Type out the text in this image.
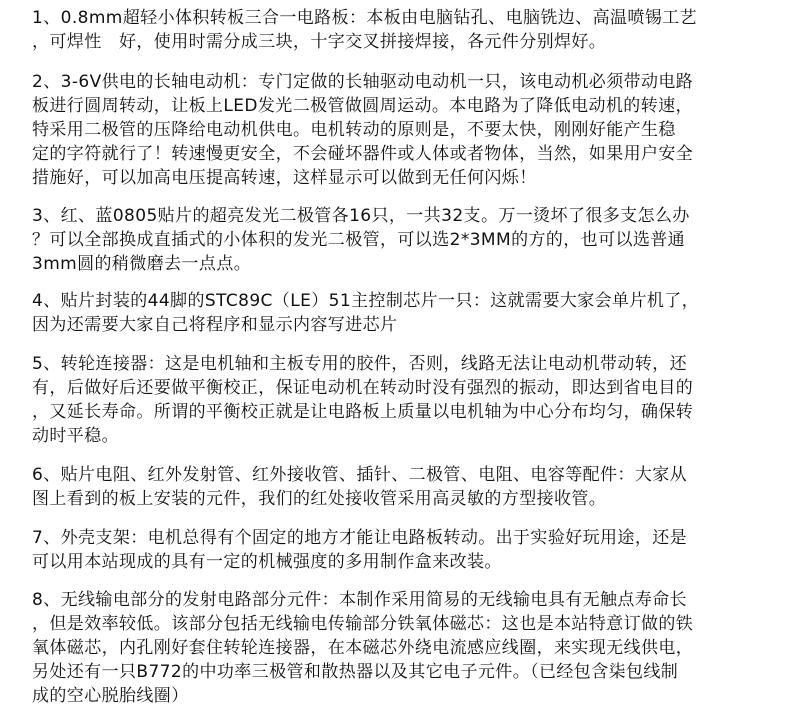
1、0.8mm超轻小体积转板三合一电路板：本板由电脑钻孔、电脑铣边、高温喷锡工艺
，可焊性　好，使用时需分成三块，十字交叉拼接焊接，各元件分别焊好。
2、3-6V供电的长轴电动机：专门定做的长轴驱动电动机一只，该电动机必须带动电路
板进行圆周转动，让板上LED发光二极管做圆周运动。本电路为了降低电动机的转速，
特采用二极管的压降给电动机供电。电机转动的原则是，不要太快，刚刚好能产生稳
定的字符就行了！转速慢更安全，不会碰坏器件或人体或者物体，当然，如果用户安全
措施好，可以加高电压提高转速，这样显示可以做到无任何闪烁！
3、红、蓝0805贴片的超亮发光二极管各16只，一共32支。万一烫坏了很多支怎么办
？可以全部换成直插式的小体积的发光二极管，可以选2*3MM的方的，也可以选普通
3mm圆的稍微磨去一点点。
4、贴片封装的44脚的STC89C（LE）51主控制芯片一只：这就需要大家会单片机了，
因为还需要大家自己将程序和显示内容写进芯片
5、转轮连接器：这是电机轴和主板专用的胶件，否则，线路无法让电动机带动转，还
有，后做好后还要做平衡校正，保证电动机在转动时没有强烈的振动，即达到省电目的
，又延长寿命。所谓的平衡校正就是让电路板上质量以电机轴为中心分布均匀，确保转
动时平稳。
6、贴片电阻、红外发射管、红外接收管、插针、二极管、电阻、电容等配件：大家从
图上看到的板上安装的元件，我们的红处接收管采用高灵敏的方型接收管。
7、外壳支架：电机总得有个固定的地方才能让电路板转动。出于实验好玩用途，还是
可以用本站现成的具有一定的机械强度的多用制作盒来改装。
8、无线输电部分的发射电路部分元件：本制作采用简易的无线输电具有无触点寿命长
，但是效率较低。该部分包括无线输电传输部分铁氧体磁芯：这也是本站特意订做的铁
氧体磁芯，内孔刚好套住转轮连接器，在本磁芯外绕电流感应线圈，来实现无线供电，
另处还有一只B772的中功率三极管和散热器以及其它电子元件。（已经包含柒包线制
成的空心脱胎线圈）
